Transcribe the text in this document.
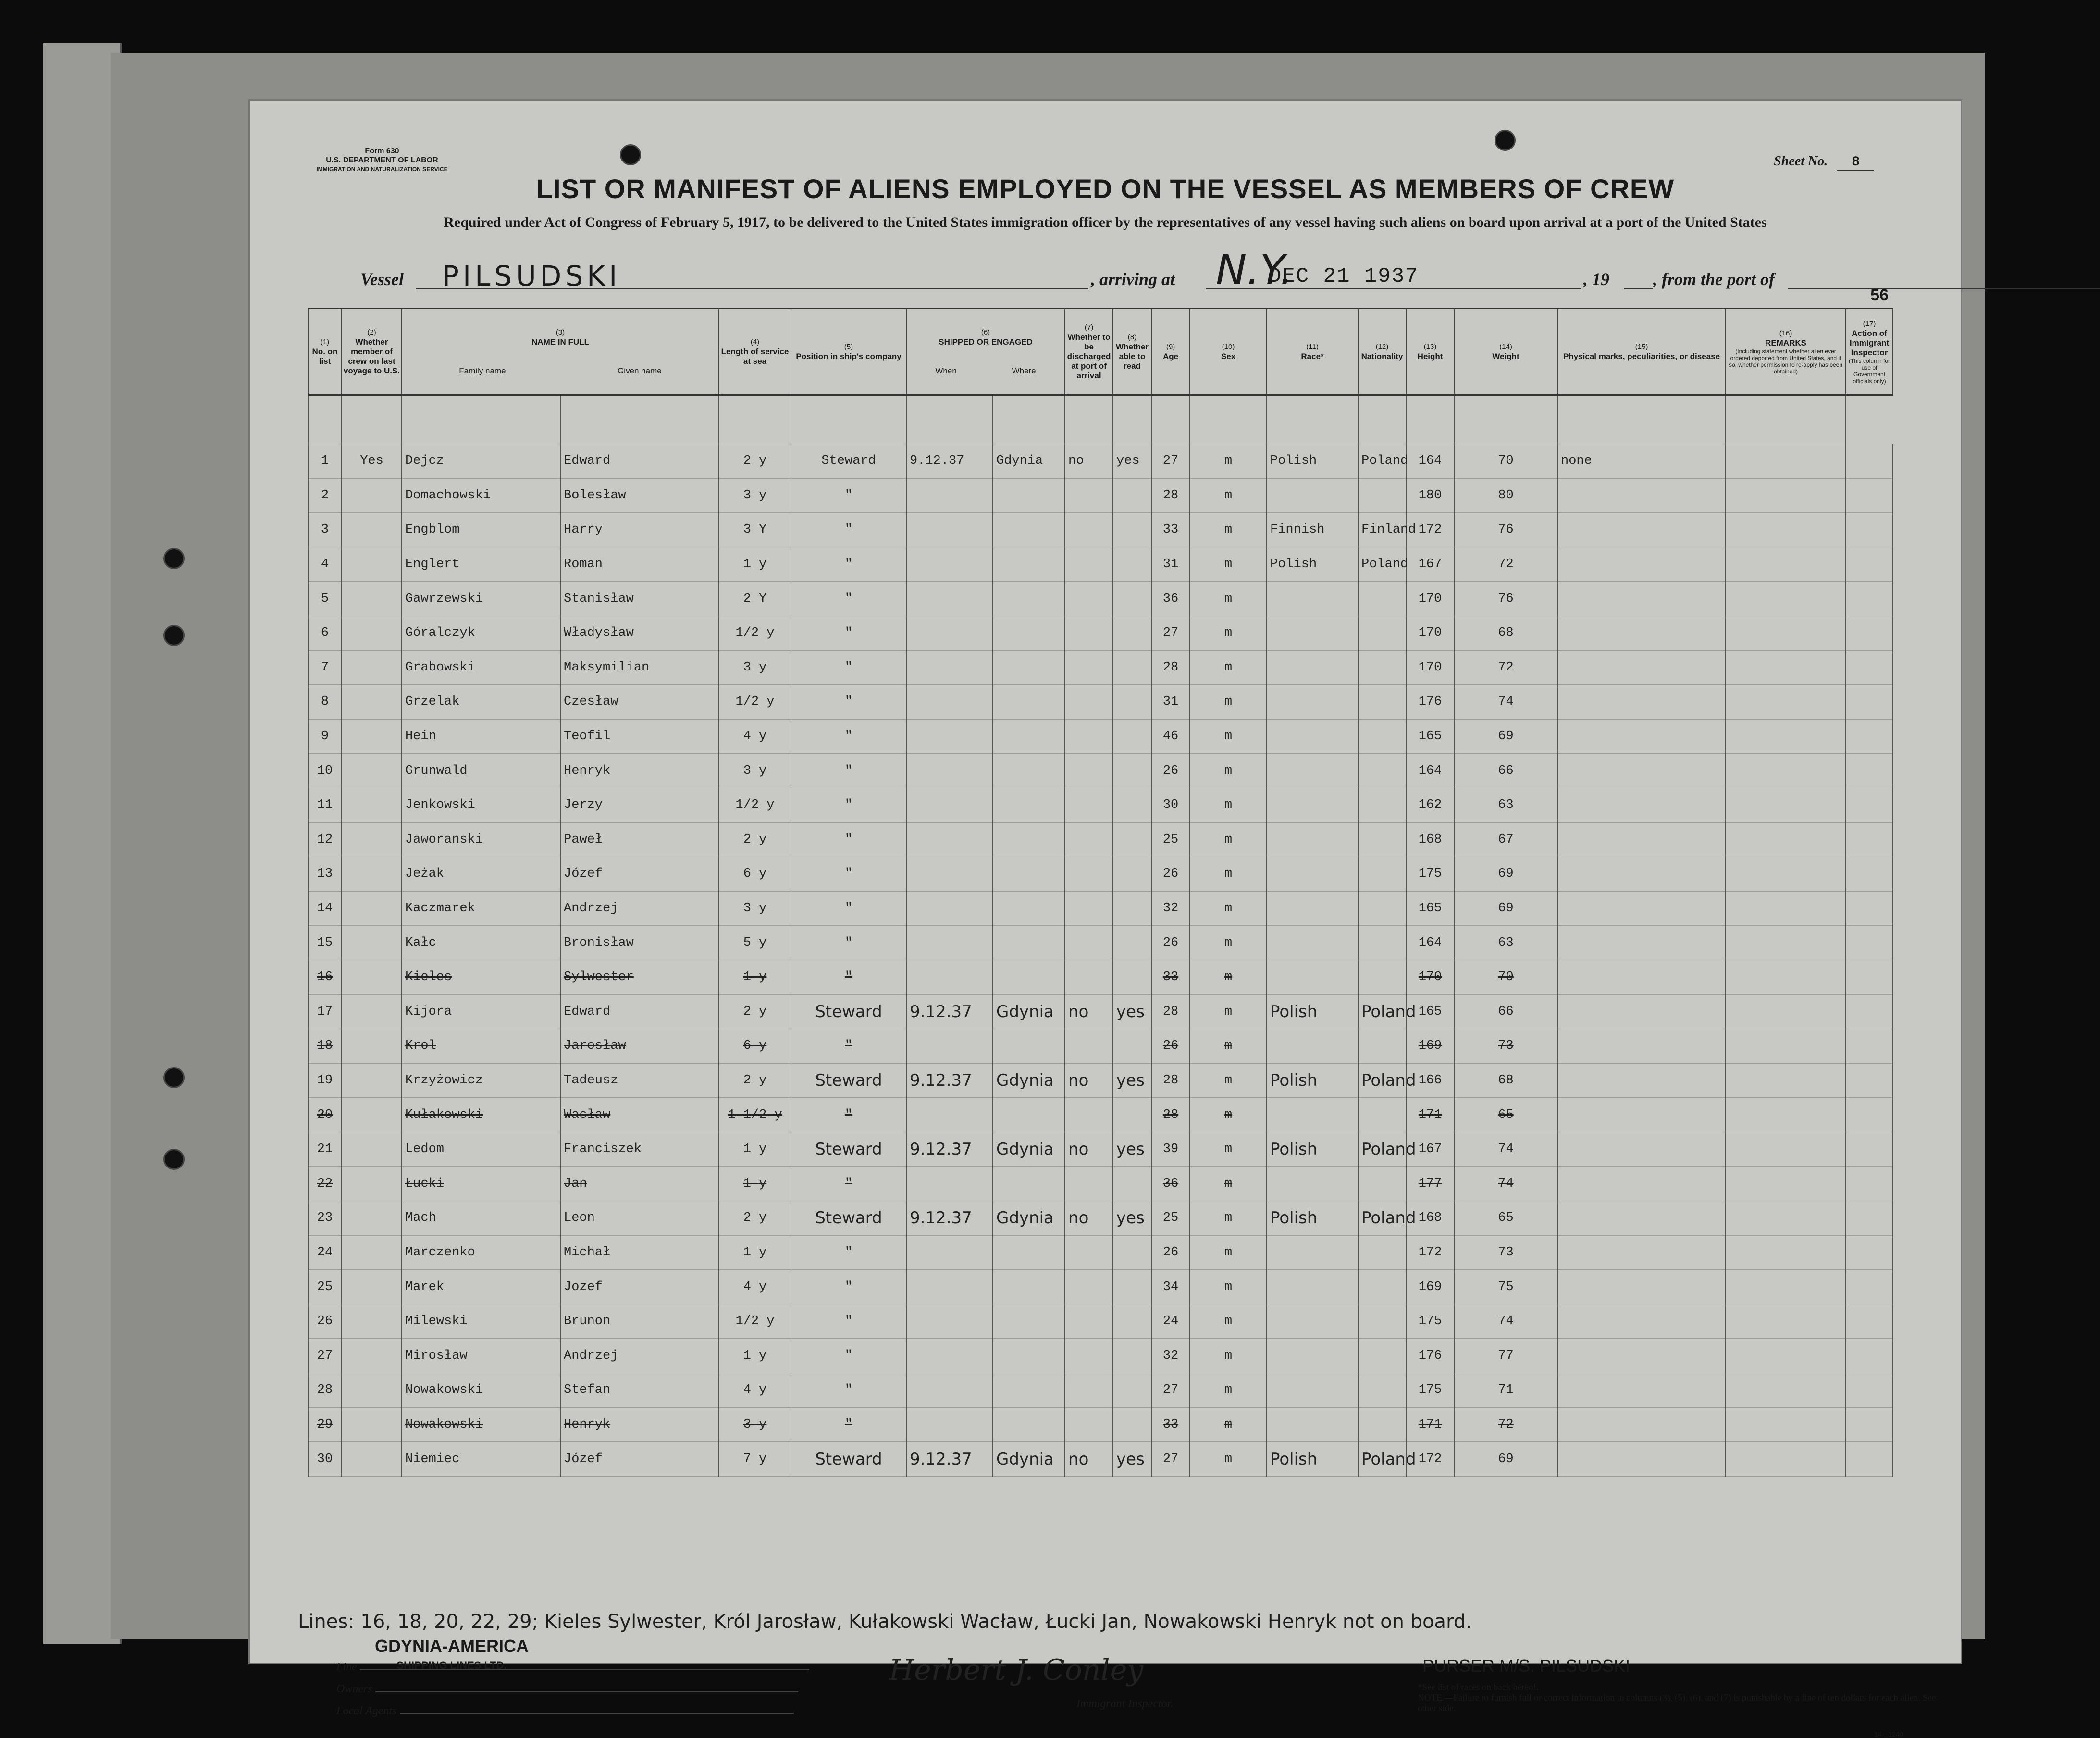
Form 630
U.S. DEPARTMENT OF LABOR
IMMIGRATION AND NATURALIZATION SERVICE
Sheet No. 8
LIST OR MANIFEST OF ALIENS EMPLOYED ON THE VESSEL AS MEMBERS OF CREW
Required under Act of Congress of February 5, 1917, to be delivered to the United States immigration officer by the representatives of any vessel having such aliens on board upon arrival at a port of the United States
Vessel PILSUDSKI	, arriving at N.Y.
DEC 21 1937	, 19	, from the port of
56
(1)
No. on list	(2)
Whether member of crew on last voyage to U.S.	(3)
NAME IN FULL
Family name Given name		(4)
Length of service at sea	(5)
Position in ship's company	(6)
SHIPPED OR ENGAGED
When Where		(7)
Whether to be discharged at port of arrival	(8)
Whether able to read	(9)
Age	(10)
Sex	(11)
Race*	(12)
Nationality	(13)
Height	(14)
Weight	(15)
Physical marks, peculiarities, or disease	(16)
REMARKS
(Including statement whether alien ever ordered deported from United States, and if so, whether permission to re-apply has been obtained)	(17)
Action of Immigrant Inspector
(This column for use of Government officials only)

1	Yes	Dejcz	Edward	2 y	Steward	9.12.37	Gdynia	no	yes	27	m	Polish	Poland	164	70	none		
2		Domachowski	Bolesław	3 y	"					28	m			180	80			
3		Engblom	Harry	3 Y	"					33	m	Finnish	Finland	172	76			
4		Englert	Roman	1 y	"					31	m	Polish	Poland	167	72			
5		Gawrzewski	Stanisław	2 Y	"					36	m			170	76			
6		Góralczyk	Władysław	1/2 y	"					27	m			170	68			
7		Grabowski	Maksymilian	3 y	"					28	m			170	72			
8		Grzelak	Czesław	1/2 y	"					31	m			176	74			
9		Hein	Teofil	4 y	"					46	m			165	69			
10		Grunwald	Henryk	3 y	"					26	m			164	66			
11		Jenkowski	Jerzy	1/2 y	"					30	m			162	63			
12		Jaworanski	Paweł	2 y	"					25	m			168	67			
13		Jeżak	Józef	6 y	"					26	m			175	69			
14		Kaczmarek	Andrzej	3 y	"					32	m			165	69			
15		Kałc	Bronisław	5 y	"					26	m			164	63			
16		Kieles	Sylwester	1 y	"					33	m			170	70			
17		Kijora	Edward	2 y	Steward	9.12.37	Gdynia	no	yes	28	m	Polish	Poland	165	66			
18		Krol	Jarosław	6 y	"					26	m			169	73			
19		Krzyżowicz	Tadeusz	2 y	Steward	9.12.37	Gdynia	no	yes	28	m	Polish	Poland	166	68			
20		Kułakowski	Wacław	1 1/2 y	"					28	m			171	65			
21		Ledom	Franciszek	1 y	Steward	9.12.37	Gdynia	no	yes	39	m	Polish	Poland	167	74			
22		Łucki	Jan	1 y	"					36	m			177	74			
23		Mach	Leon	2 y	Steward	9.12.37	Gdynia	no	yes	25	m	Polish	Poland	168	65			
24		Marczenko	Michał	1 y	"					26	m			172	73			
25		Marek	Jozef	4 y	"					34	m			169	75			
26		Milewski	Brunon	1/2 y	"					24	m			175	74			
27		Mirosław	Andrzej	1 y	"					32	m			176	77			
28		Nowakowski	Stefan	4 y	"					27	m			175	71			
29		Nowakowski	Henryk	3 y	"					33	m			171	72			
30		Niemiec	Józef	7 y	Steward	9.12.37	Gdynia	no	yes	27	m	Polish	Poland	172	69			
Lines: 16, 18, 20, 22, 29; Kieles Sylwester, Król Jarosław, Kułakowski Wacław, Łucki Jan, Nowakowski Henryk not on board.
GDYNIA-AMERICA
SHIPPING LINES LTD.
Line
Owners
Local Agents
Herbert J. Conley
Immigrant Inspector.
PURSER M/S. PILSUDSKI
*See list of races on back hereof.
NOTE.—Failure to furnish full or correct information in columns (3), (5), (6), and (7) is punishable by a fine of ten dollars for each alien. See other side.
14—1240
